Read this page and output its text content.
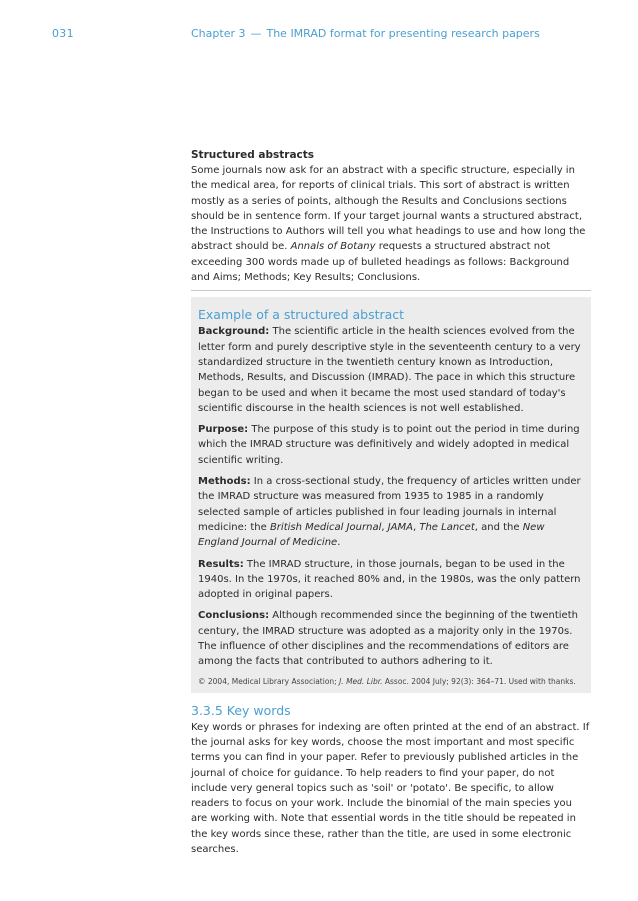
031	Chapter 3 — The IMRAD format for presenting research papers
Structured abstracts

Some journals now ask for an abstract with a specific structure, especially in the medical area, for reports of clinical trials. This sort of abstract is written mostly as a series of points, although the Results and Conclusions sections should be in sentence form. If your target journal wants a structured abstract, the Instructions to Authors will tell you what headings to use and how long the abstract should be. Annals of Botany requests a structured abstract not exceeding 300 words made up of bulleted headings as follows: Background and Aims; Methods; Key Results; Conclusions.

Example of a structured abstract

Background: The scientific article in the health sciences evolved from the letter form and purely descriptive style in the seventeenth century to a very standardized structure in the twentieth century known as Introduction, Methods, Results, and Discussion (IMRAD). The pace in which this structure began to be used and when it became the most used standard of today's scientific discourse in the health sciences is not well established.

Purpose: The purpose of this study is to point out the period in time during which the IMRAD structure was definitively and widely adopted in medical scientific writing.

Methods: In a cross-sectional study, the frequency of articles written under the IMRAD structure was measured from 1935 to 1985 in a randomly selected sample of articles published in four leading journals in internal medicine: the British Medical Journal, JAMA, The Lancet, and the New England Journal of Medicine.

Results: The IMRAD structure, in those journals, began to be used in the 1940s. In the 1970s, it reached 80% and, in the 1980s, was the only pattern adopted in original papers.

Conclusions: Although recommended since the beginning of the twentieth century, the IMRAD structure was adopted as a majority only in the 1970s. The influence of other disciplines and the recommendations of editors are among the facts that contributed to authors adhering to it.

© 2004, Medical Library Association; J. Med. Libr. Assoc. 2004 July; 92(3): 364–71. Used with thanks.

3.3.5 Key words

Key words or phrases for indexing are often printed at the end of an abstract. If the journal asks for key words, choose the most important and most specific terms you can find in your paper. Refer to previously published articles in the journal of choice for guidance. To help readers to find your paper, do not include very general topics such as 'soil' or 'potato'. Be specific, to allow readers to focus on your work. Include the binomial of the main species you are working with. Note that essential words in the title should be repeated in the key words since these, rather than the title, are used in some electronic searches.
